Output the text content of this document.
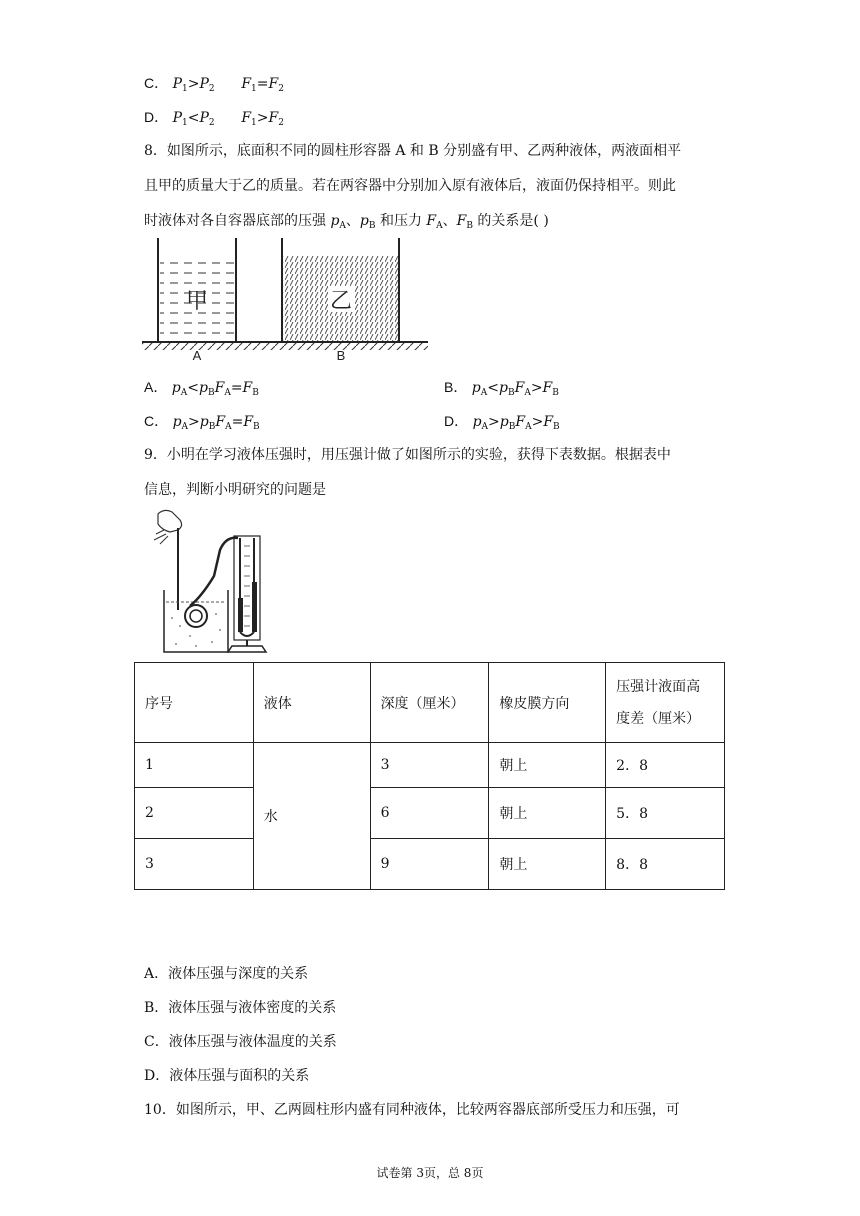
C． $P_1>P_2$ $F_1=F_2$
D． $P_1<P_2$ $F_1>F_2$
8．如图所示，底面积不同的圆柱形容器 A 和 B 分别盛有甲、乙两种液体，两液面相平
且甲的质量大于乙的质量。若在两容器中分别加入原有液体后，液面仍保持相平。则此
时液体对各自容器底部的压强 $p_A$、$p_B$ 和压力 $F_A$、$F_B$ 的关系是( )
甲	乙
A	B
A． $p_A<p_BF_A=F_B$	B． $p_A<p_BF_A>F_B$
C． $p_A>p_BF_A=F_B$	D． $p_A>p_BF_A>F_B$
9．小明在学习液体压强时，用压强计做了如图所示的实验，获得下表数据。根据表中
信息，判断小明研究的问题是
序号	液体	深度（厘米）	橡皮膜方向	压强计液面高
度差（厘米）

1	水	3	朝上	2．8
2		6	朝上	5．8
3		9	朝上	8．8
A．液体压强与深度的关系
B．液体压强与液体密度的关系
C．液体压强与液体温度的关系
D．液体压强与面积的关系
10．如图所示，甲、乙两圆柱形内盛有同种液体，比较两容器底部所受压力和压强，可
试卷第 3页，总 8页
